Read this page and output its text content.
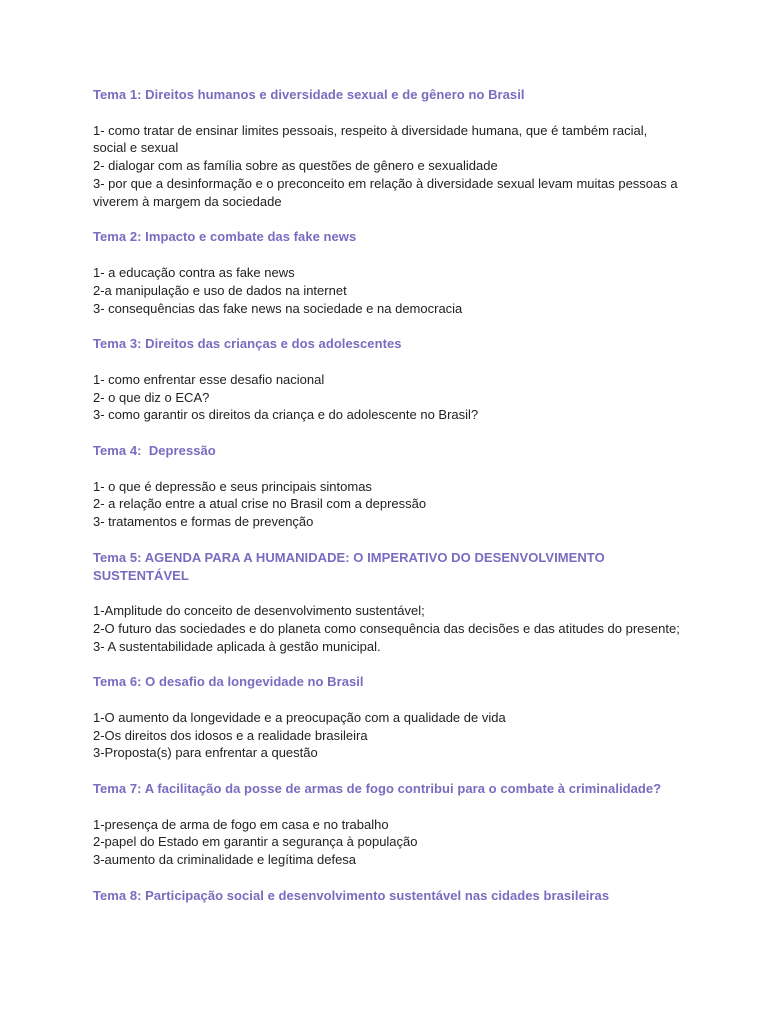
Tema 1: Direitos humanos e diversidade sexual e de gênero no Brasil

1- como tratar de ensinar limites pessoais, respeito à diversidade humana, que é também racial, social e sexual

2- dialogar com as família sobre as questões de gênero e sexualidade

3- por que a desinformação e o preconceito em relação à diversidade sexual levam muitas pessoas a viverem à margem da sociedade

Tema 2: Impacto e combate das fake news

1- a educação contra as fake news

2-a manipulação e uso de dados na internet

3- consequências das fake news na sociedade e na democracia

Tema 3: Direitos das crianças e dos adolescentes

1- como enfrentar esse desafio nacional

2- o que diz o ECA?

3- como garantir os direitos da criança e do adolescente no Brasil?

Tema 4:  Depressão

1- o que é depressão e seus principais sintomas

2- a relação entre a atual crise no Brasil com a depressão

3- tratamentos e formas de prevenção

Tema 5: AGENDA PARA A HUMANIDADE: O IMPERATIVO DO DESENVOLVIMENTO SUSTENTÁVEL

1-Amplitude do conceito de desenvolvimento sustentável;

2-O futuro das sociedades e do planeta como consequência das decisões e das atitudes do presente;

3- A sustentabilidade aplicada à gestão municipal.

Tema 6: O desafio da longevidade no Brasil

1-O aumento da longevidade e a preocupação com a qualidade de vida

2-Os direitos dos idosos e a realidade brasileira

3-Proposta(s) para enfrentar a questão

Tema 7: A facilitação da posse de armas de fogo contribui para o combate à criminalidade?

1-presença de arma de fogo em casa e no trabalho

2-papel do Estado em garantir a segurança à população

3-aumento da criminalidade e legítima defesa

Tema 8: Participação social e desenvolvimento sustentável nas cidades brasileiras
